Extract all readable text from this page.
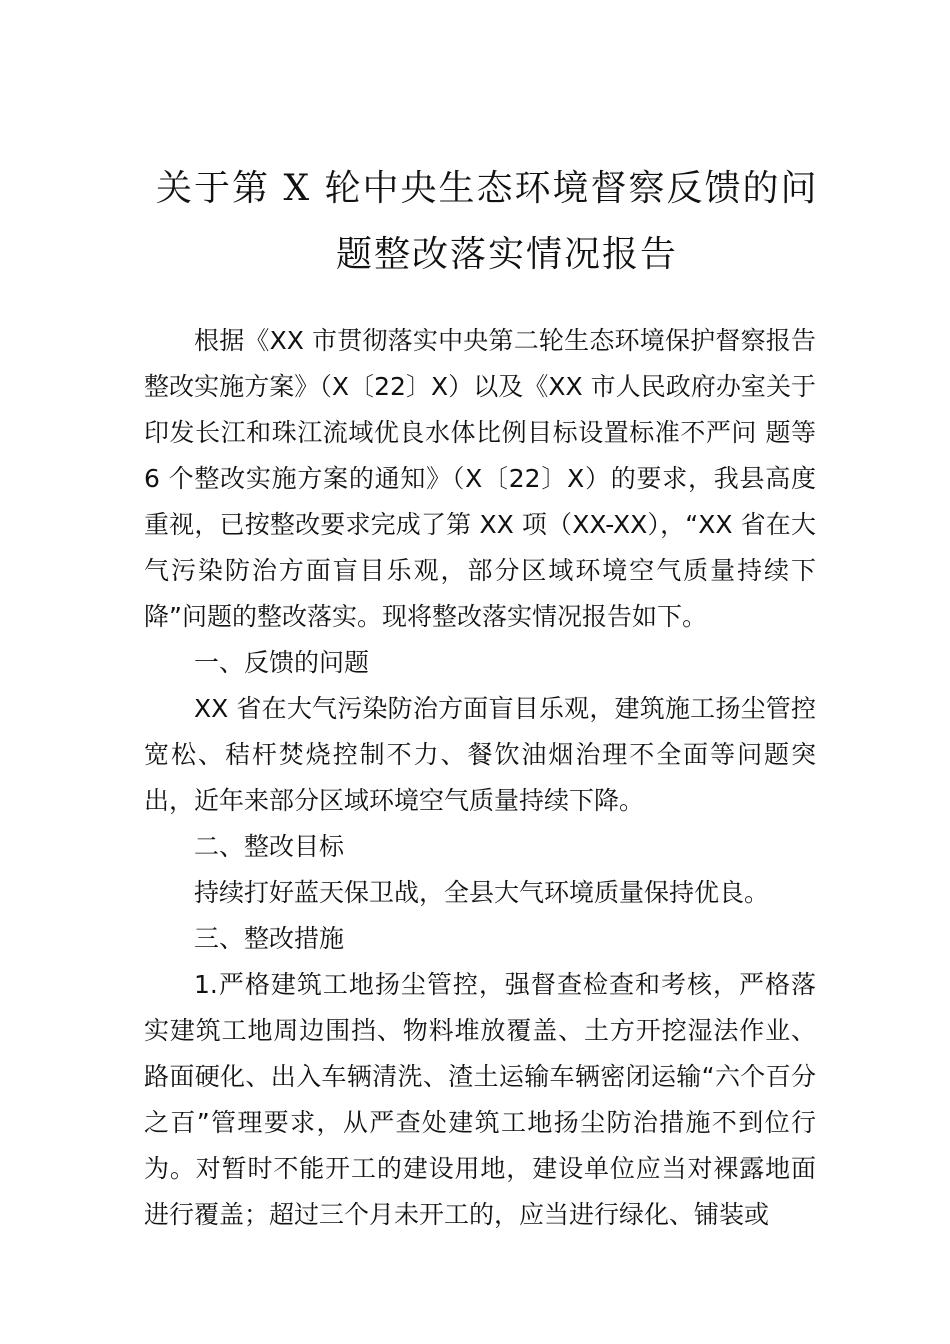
关于第 X 轮中央生态环境督察反馈的问
题整改落实情况报告

根据《XX 市贯彻落实中央第二轮生态环境保护督察报告整改实施方案》（X〔22〕X）以及《XX 市人民政府办室关于印发长江和珠江流域优良水体比例目标设置标准不严问 题等 6 个整改实施方案的通知》（X〔22〕X）的要求，我县高度重视，已按整改要求完成了第 XX 项（XX-XX），“XX 省在大气污染防治方面盲目乐观，部分区域环境空气质量持续下降”问题的整改落实。现将整改落实情况报告如下。

一、反馈的问题

XX 省在大气污染防治方面盲目乐观，建筑施工扬尘管控宽松、秸杆焚烧控制不力、餐饮油烟治理不全面等问题突出，近年来部分区域环境空气质量持续下降。

二、整改目标

持续打好蓝天保卫战，全县大气环境质量保持优良。

三、整改措施

1.严格建筑工地扬尘管控，强督查检查和考核，严格落实建筑工地周边围挡、物料堆放覆盖、土方开挖湿法作业、 路面硬化、出入车辆清洗、渣土运输车辆密闭运输“六个百分之百”管理要求，从严查处建筑工地扬尘防治措施不到位行为。对暂时不能开工的建设用地，建设单位应当对裸露地面进行覆盖；超过三个月未开工的，应当进行绿化、铺装或
